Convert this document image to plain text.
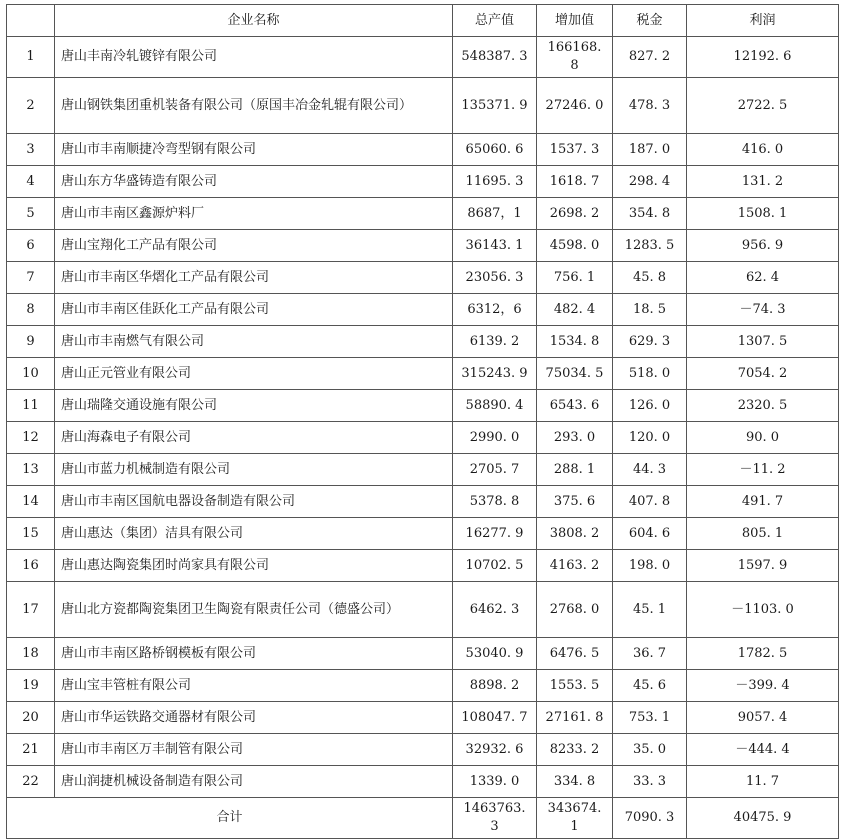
	企业名称	总产值	增加值	税金	利润
1	唐山丰南冷轧镀锌有限公司	548387. 3	166168. 8	827. 2	12192. 6
2	唐山钢铁集团重机装备有限公司（原国丰冶金轧辊有限公司）	135371. 9	27246. 0	478. 3	2722. 5
3	唐山市丰南顺捷冷弯型钢有限公司	65060. 6	1537. 3	187. 0	416. 0
4	唐山东方华盛铸造有限公司	11695. 3	1618. 7	298. 4	131. 2
5	唐山市丰南区鑫源炉料厂	8687，1	2698. 2	354. 8	1508. 1
6	唐山宝翔化工产品有限公司	36143. 1	4598. 0	1283. 5	956. 9
7	唐山市丰南区华熠化工产品有限公司	23056. 3	756. 1	45. 8	62. 4
8	唐山市丰南区佳跃化工产品有限公司	6312，6	482. 4	18. 5	－74. 3
9	唐山市丰南燃气有限公司	6139. 2	1534. 8	629. 3	1307. 5
10	唐山正元管业有限公司	315243. 9	75034. 5	518. 0	7054. 2
11	唐山瑞隆交通设施有限公司	58890. 4	6543. 6	126. 0	2320. 5
12	唐山海森电子有限公司	2990. 0	293. 0	120. 0	90. 0
13	唐山市蓝力机械制造有限公司	2705. 7	288. 1	44. 3	－11. 2
14	唐山市丰南区国航电器设备制造有限公司	5378. 8	375. 6	407. 8	491. 7
15	唐山惠达（集团）洁具有限公司	16277. 9	3808. 2	604. 6	805. 1
16	唐山惠达陶瓷集团时尚家具有限公司	10702. 5	4163. 2	198. 0	1597. 9
17	唐山北方瓷都陶瓷集团卫生陶瓷有限责任公司（德盛公司）	6462. 3	2768. 0	45. 1	－1103. 0
18	唐山市丰南区路桥钢模板有限公司	53040. 9	6476. 5	36. 7	1782. 5
19	唐山宝丰管桩有限公司	8898. 2	1553. 5	45. 6	－399. 4
20	唐山市华运铁路交通器材有限公司	108047. 7	27161. 8	753. 1	9057. 4
21	唐山市丰南区万丰制管有限公司	32932. 6	8233. 2	35. 0	－444. 4
22	唐山润捷机械设备制造有限公司	1339. 0	334. 8	33. 3	11. 7
合计		1463763. 3	343674. 1	7090. 3	40475. 9
